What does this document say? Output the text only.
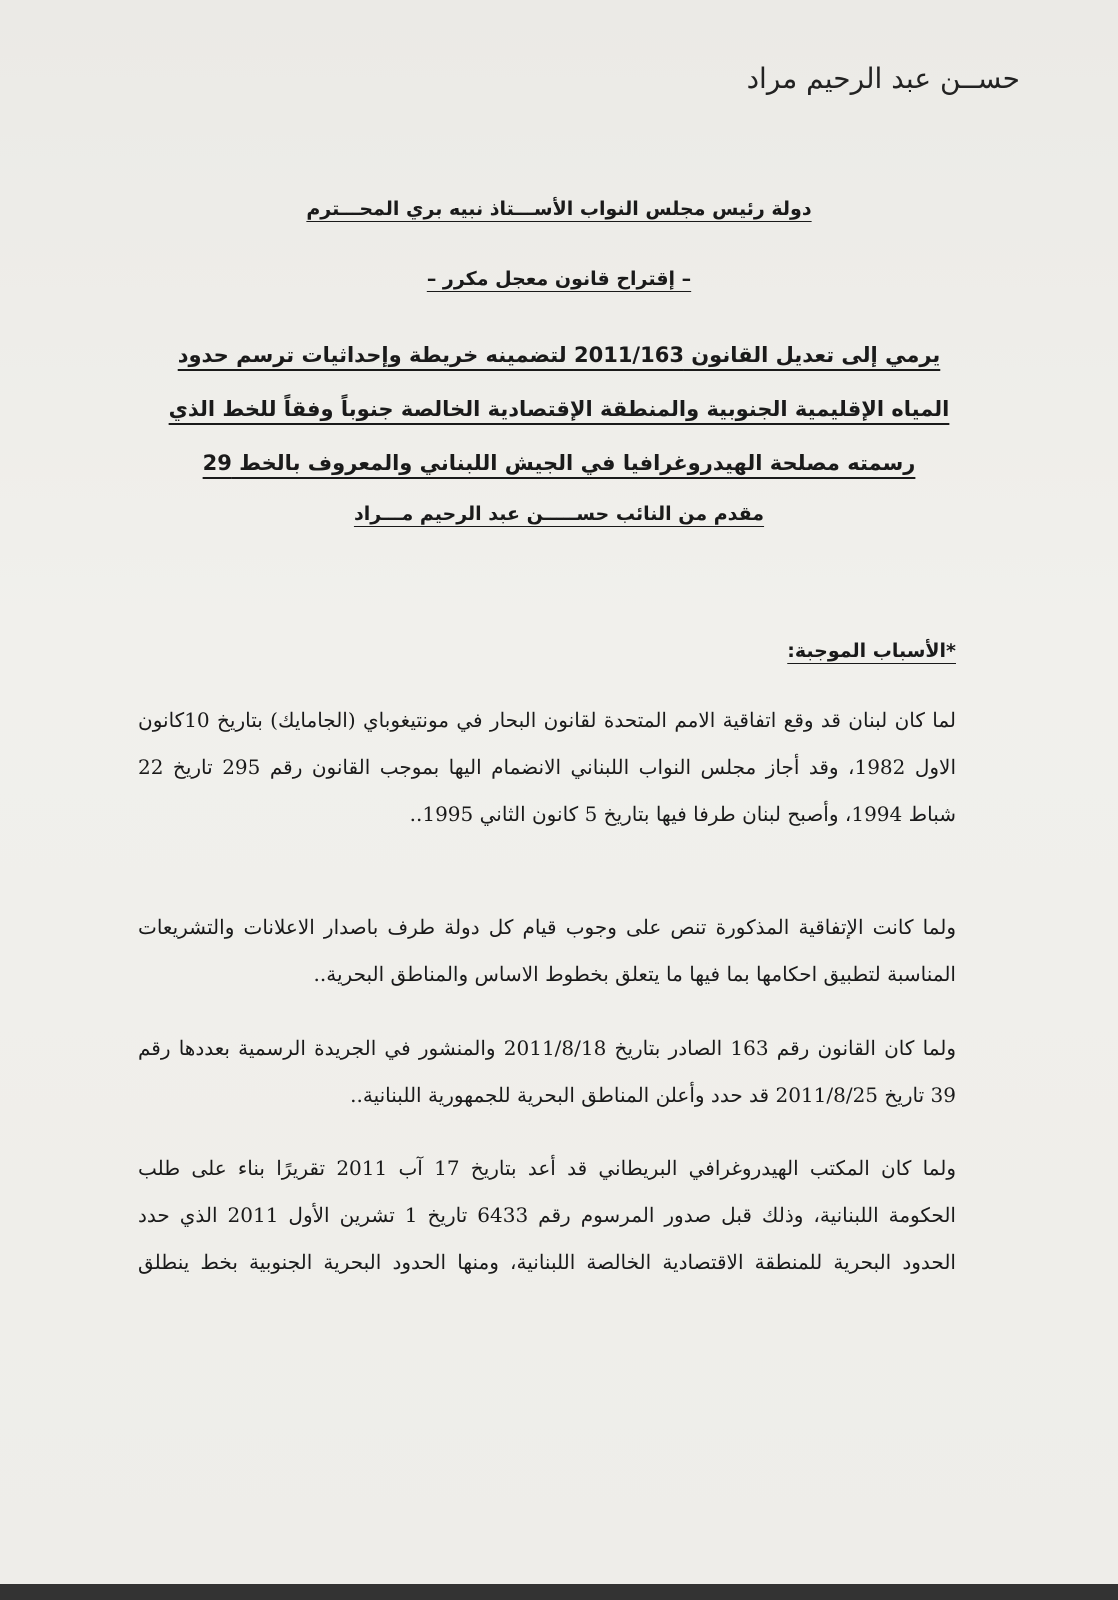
حســن عبد الرحيم مراد
دولة رئيس مجلس النواب الأســـتاذ نبيه بري المحـــترم
– إقتراح قانون معجل مكرر –
يرمي إلى تعديل القانون 2011/163 لتضمينه خريطة وإحداثيات ترسم حدود المياه الإقليمية الجنوبية والمنطقة الإقتصادية الخالصة جنوباً وفقاً للخط الذي رسمته مصلحة الهيدروغرافيا في الجيش اللبناني والمعروف بالخط 29
مقدم من النائب حســـــن عبد الرحيم مـــراد
*الأسباب الموجبة:
لما كان لبنان قد وقع اتفاقية الامم المتحدة لقانون البحار في مونتيغوباي (الجامايك) بتاريخ 10كانون الاول 1982، وقد أجاز مجلس النواب اللبناني الانضمام اليها بموجب القانون رقم 295 تاريخ 22 شباط 1994، وأصبح لبنان طرفا فيها بتاريخ 5 كانون الثاني 1995..
ولما كانت الإتفاقية المذكورة تنص على وجوب قيام كل دولة طرف باصدار الاعلانات والتشريعات المناسبة لتطبيق احكامها بما فيها ما يتعلق بخطوط الاساس والمناطق البحرية..
ولما كان القانون رقم 163 الصادر بتاريخ 2011/8/18 والمنشور في الجريدة الرسمية بعددها رقم 39 تاريخ 2011/8/25 قد حدد وأعلن المناطق البحرية للجمهورية اللبنانية..
ولما كان المكتب الهيدروغرافي البريطاني قد أعد بتاريخ 17 آب 2011 تقريرًا بناء على طلب الحكومة اللبنانية، وذلك قبل صدور المرسوم رقم 6433 تاريخ 1 تشرين الأول 2011 الذي حدد الحدود البحرية للمنطقة الاقتصادية الخالصة اللبنانية، ومنها الحدود البحرية الجنوبية بخط ينطلق
